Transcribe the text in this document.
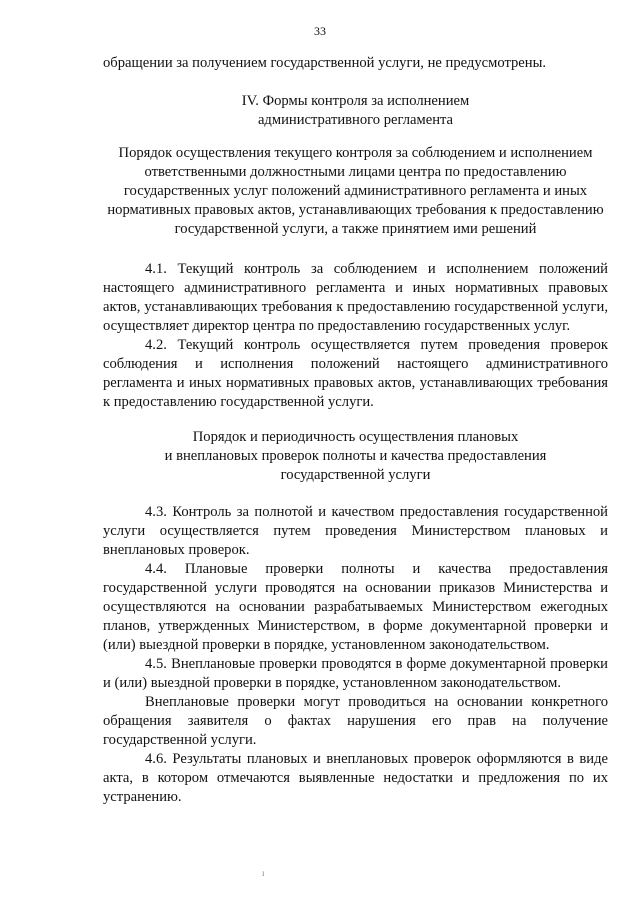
33

обращении за получением государственной услуги, не предусмотрены.

IV. Формы контроля за исполнением

административного регламента

Порядок осуществления текущего контроля за соблюдением и исполнением ответственными должностными лицами центра по предоставлению государственных услуг положений административного регламента и иных нормативных правовых актов, устанавливающих требования к предоставлению государственной услуги, а также принятием ими решений

4.1. Текущий контроль за соблюдением и исполнением положений настоящего административного регламента и иных нормативных правовых актов, устанавливающих требования к предоставлению государственной услуги, осуществляет директор центра по предоставлению государственных услуг.

4.2. Текущий контроль осуществляется путем проведения проверок соблюдения и исполнения положений настоящего административного регламента и иных нормативных правовых актов, устанавливающих требования к предоставлению государственной услуги.

Порядок и периодичность осуществления плановых

и внеплановых проверок полноты и качества предоставления

государственной услуги

4.3. Контроль за полнотой и качеством предоставления государственной услуги осуществляется путем проведения Министерством плановых и внеплановых проверок.

4.4. Плановые проверки полноты и качества предоставления государственной услуги проводятся на основании приказов Министерства и осуществляются на основании разрабатываемых Министерством ежегодных планов, утвержденных Министерством, в форме документарной проверки и (или) выездной проверки в порядке, установленном законодательством.

4.5. Внеплановые проверки проводятся в форме документарной проверки и (или) выездной проверки в порядке, установленном законодательством.

Внеплановые проверки могут проводиться на основании конкретного обращения заявителя о фактах нарушения его прав на получение государственной услуги.

4.6. Результаты плановых и внеплановых проверок оформляются в виде акта, в котором отмечаются выявленные недостатки и предложения по их устранению.

ı
